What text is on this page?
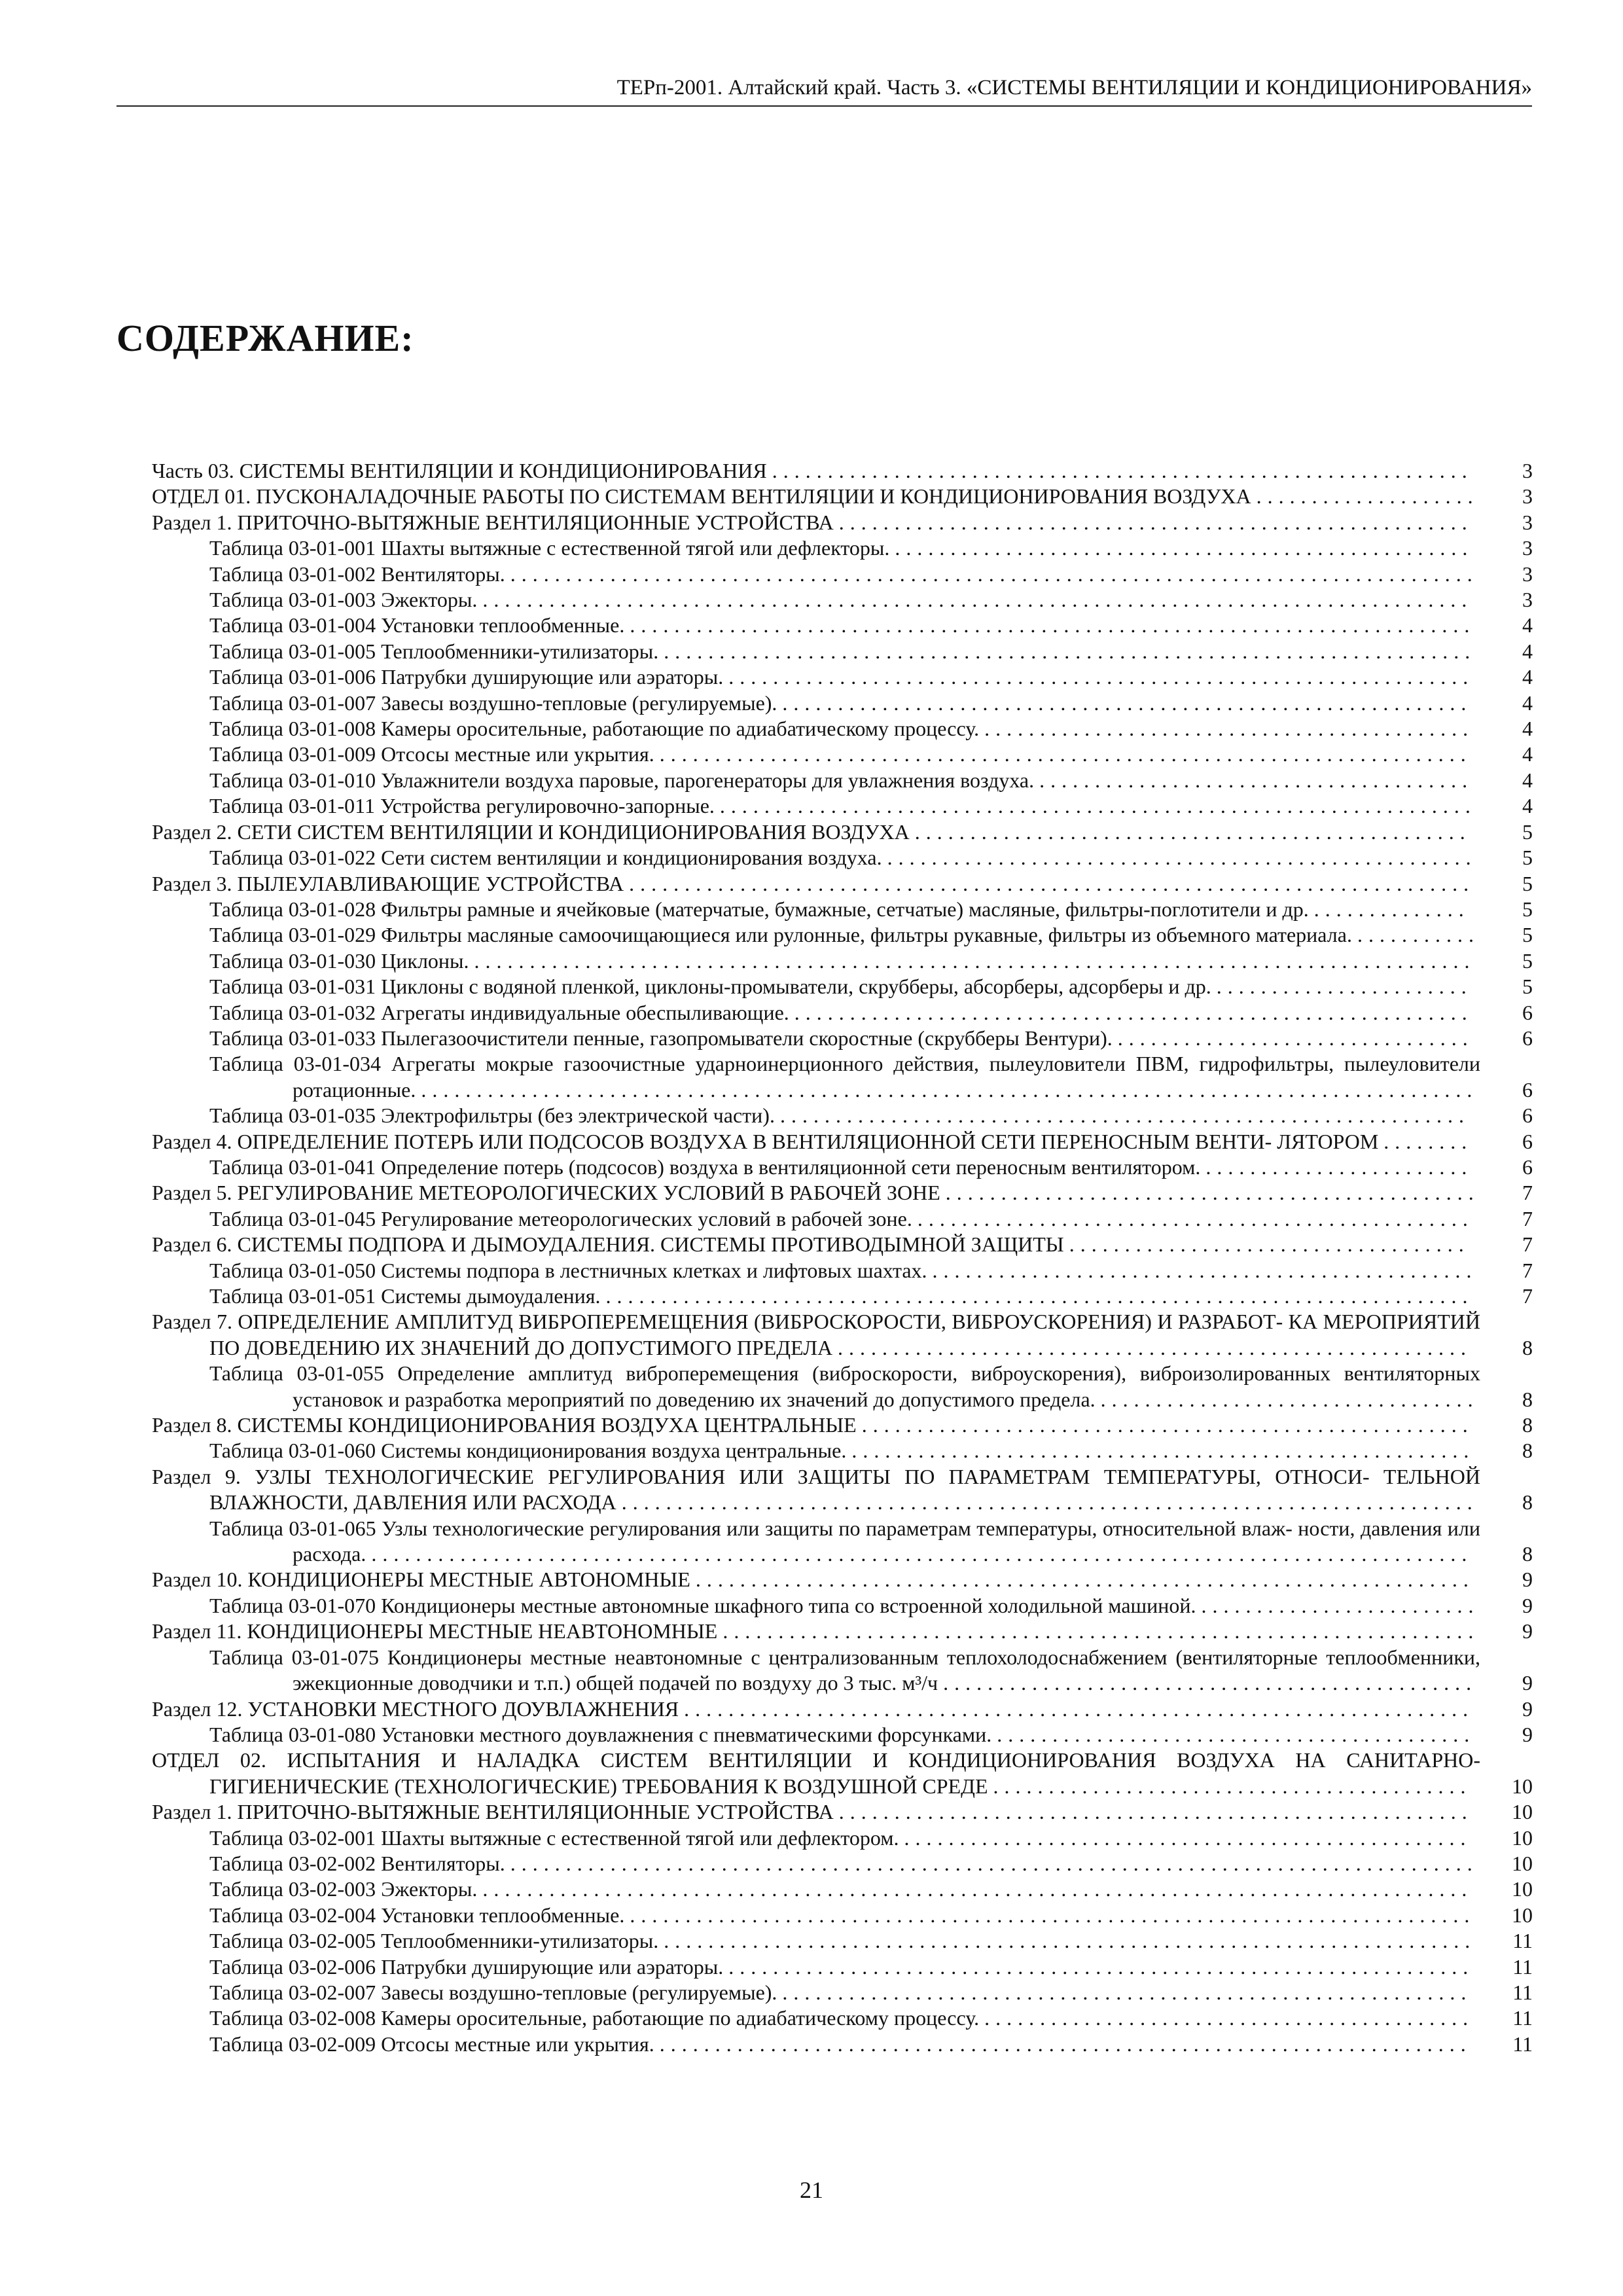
ТЕРп-2001. Алтайский край. Часть 3. «СИСТЕМЫ ВЕНТИЛЯЦИИ И КОНДИЦИОНИРОВАНИЯ»
СОДЕРЖАНИЕ:
Часть 03. СИСТЕМЫ ВЕНТИЛЯЦИИ И КОНДИЦИОНИРОВАНИЯ ...............................................................	3
ОТДЕЛ 01. ПУСКОНАЛАДОЧНЫЕ РАБОТЫ ПО СИСТЕМАМ ВЕНТИЛЯЦИИ И КОНДИЦИОНИРОВАНИЯ ВОЗДУХА ....................	3
Раздел 1. ПРИТОЧНО-ВЫТЯЖНЫЕ ВЕНТИЛЯЦИОННЫЕ УСТРОЙСТВА .........................................................	3
Таблица 03-01-001 Шахты вытяжные с естественной тягой или дефлекторы. ....................................................	3
Таблица 03-01-002 Вентиляторы. .......................................................................................	3
Таблица 03-01-003 Эжекторы. .........................................................................................	3
Таблица 03-01-004 Установки теплообменные. ............................................................................	4
Таблица 03-01-005 Теплообменники-утилизаторы. .........................................................................	4
Таблица 03-01-006 Патрубки душирующие или аэраторы. ...................................................................	4
Таблица 03-01-007 Завесы воздушно-тепловые (регулируемые). ..............................................................	4
Таблица 03-01-008 Камеры оросительные, работающие по адиабатическому процессу. ............................................	4
Таблица 03-01-009 Отсосы местные или укрытия. .........................................................................	4
Таблица 03-01-010 Увлажнители воздуха паровые, парогенераторы для увлажнения воздуха. .......................................	4
Таблица 03-01-011 Устройства регулировочно-запорные. ....................................................................	4
Раздел 2. СЕТИ СИСТЕМ ВЕНТИЛЯЦИИ И КОНДИЦИОНИРОВАНИЯ ВОЗДУХА ..................................................	5
Таблица 03-01-022 Сети систем вентиляции и кондиционирования воздуха. .....................................................	5
Раздел 3. ПЫЛЕУЛАВЛИВАЮЩИЕ УСТРОЙСТВА ............................................................................	5
Таблица 03-01-028 Фильтры рамные и ячейковые (матерчатые, бумажные, сетчатые) масляные, фильтры-поглотители и др. ..............	5
Таблица 03-01-029 Фильтры масляные самоочищающиеся или рулонные, фильтры рукавные, фильтры из объемного материала. ...........	5
Таблица 03-01-030 Циклоны. ..........................................................................................	5
Таблица 03-01-031 Циклоны с водяной пленкой, циклоны-промыватели, скрубберы, абсорберы, адсорберы и др. .......................	5
Таблица 03-01-032 Агрегаты индивидуальные обеспыливающие. .............................................................	6
Таблица 03-01-033 Пылегазоочистители пенные, газопромыватели скоростные (скрубберы Вентури). ................................	6
Таблица 03-01-034 Агрегаты мокрые газоочистные ударноинерционного действия, пылеуловители ПВМ, гидрофильтры, пылеуловители ротационные. ...............................................................................................	6
Таблица 03-01-035 Электрофильтры (без электрической части). ..............................................................	6
Раздел 4. ОПРЕДЕЛЕНИЕ ПОТЕРЬ ИЛИ ПОДСОСОВ ВОЗДУХА В ВЕНТИЛЯЦИОННОЙ СЕТИ ПЕРЕНОСНЫМ ВЕНТИ- ЛЯТОРОМ ........	6
Таблица 03-01-041 Определение потерь (подсосов) воздуха в вентиляционной сети переносным вентилятором. ........................	6
Раздел 5. РЕГУЛИРОВАНИЕ МЕТЕОРОЛОГИЧЕСКИХ УСЛОВИЙ В РАБОЧЕЙ ЗОНЕ ................................................	7
Таблица 03-01-045 Регулирование метеорологических условий в рабочей зоне. ..................................................	7
Раздел 6. СИСТЕМЫ ПОДПОРА И ДЫМОУДАЛЕНИЯ. СИСТЕМЫ ПРОТИВОДЫМНОЙ ЗАЩИТЫ ....................................	7
Таблица 03-01-050 Системы подпора в лестничных клетках и лифтовых шахтах. .................................................	7
Таблица 03-01-051 Системы дымоудаления. ..............................................................................	7
Раздел 7. ОПРЕДЕЛЕНИЕ АМПЛИТУД ВИБРОПЕРЕМЕЩЕНИЯ (ВИБРОСКОРОСТИ, ВИБРОУСКОРЕНИЯ) И РАЗРАБОТ- КА МЕРОПРИЯТИЙ ПО ДОВЕДЕНИЮ ИХ ЗНАЧЕНИЙ ДО ДОПУСТИМОГО ПРЕДЕЛА .........................................................	8
Таблица 03-01-055 Определение амплитуд виброперемещения (виброскорости, виброускорения), виброизолированных вентиляторных установок и разработка мероприятий по доведению их значений до допустимого предела. ..................................	8
Раздел 8. СИСТЕМЫ КОНДИЦИОНИРОВАНИЯ ВОЗДУХА ЦЕНТРАЛЬНЫЕ .......................................................	8
Таблица 03-01-060 Системы кондиционирования воздуха центральные. ........................................................	8
Раздел 9. УЗЛЫ ТЕХНОЛОГИЧЕСКИЕ РЕГУЛИРОВАНИЯ ИЛИ ЗАЩИТЫ ПО ПАРАМЕТРАМ ТЕМПЕРАТУРЫ, ОТНОСИ- ТЕЛЬНОЙ ВЛАЖНОСТИ, ДАВЛЕНИЯ ИЛИ РАСХОДА .............................................................................	8
Таблица 03-01-065 Узлы технологические регулирования или защиты по параметрам температуры, относительной влаж- ности, давления или расхода. ...................................................................................................	8
Раздел 10. КОНДИЦИОНЕРЫ МЕСТНЫЕ АВТОНОМНЫЕ ......................................................................	9
Таблица 03-01-070 Кондиционеры местные автономные шкафного типа со встроенной холодильной машиной. .........................	9
Раздел 11. КОНДИЦИОНЕРЫ МЕСТНЫЕ НЕАВТОНОМНЫЕ ....................................................................	9
Таблица 03-01-075 Кондиционеры местные неавтономные с централизованным теплохолодоснабжением (вентиляторные теплообменники, эжекционные доводчики и т.п.) общей подачей по воздуху до 3 тыс. м³/ч ................................................	9
Раздел 12. УСТАНОВКИ МЕСТНОГО ДОУВЛАЖНЕНИЯ .......................................................................	9
Таблица 03-01-080 Установки местного доувлажнения с пневматическими форсунками. ...........................................	9
ОТДЕЛ 02. ИСПЫТАНИЯ И НАЛАДКА СИСТЕМ ВЕНТИЛЯЦИИ И КОНДИЦИОНИРОВАНИЯ ВОЗДУХА НА САНИТАРНО-ГИГИЕНИЧЕСКИЕ (ТЕХНОЛОГИЧЕСКИЕ) ТРЕБОВАНИЯ К ВОЗДУШНОЙ СРЕДЕ ...........................................	10
Раздел 1. ПРИТОЧНО-ВЫТЯЖНЫЕ ВЕНТИЛЯЦИОННЫЕ УСТРОЙСТВА .........................................................	10
Таблица 03-02-001 Шахты вытяжные с естественной тягой или дефлектором. ...................................................	10
Таблица 03-02-002 Вентиляторы. .......................................................................................	10
Таблица 03-02-003 Эжекторы. .........................................................................................	10
Таблица 03-02-004 Установки теплообменные. ............................................................................	10
Таблица 03-02-005 Теплообменники-утилизаторы. .........................................................................	11
Таблица 03-02-006 Патрубки душирующие или аэраторы. ...................................................................	11
Таблица 03-02-007 Завесы воздушно-тепловые (регулируемые). ..............................................................	11
Таблица 03-02-008 Камеры оросительные, работающие по адиабатическому процессу. ............................................	11
Таблица 03-02-009 Отсосы местные или укрытия. .........................................................................	11
21
